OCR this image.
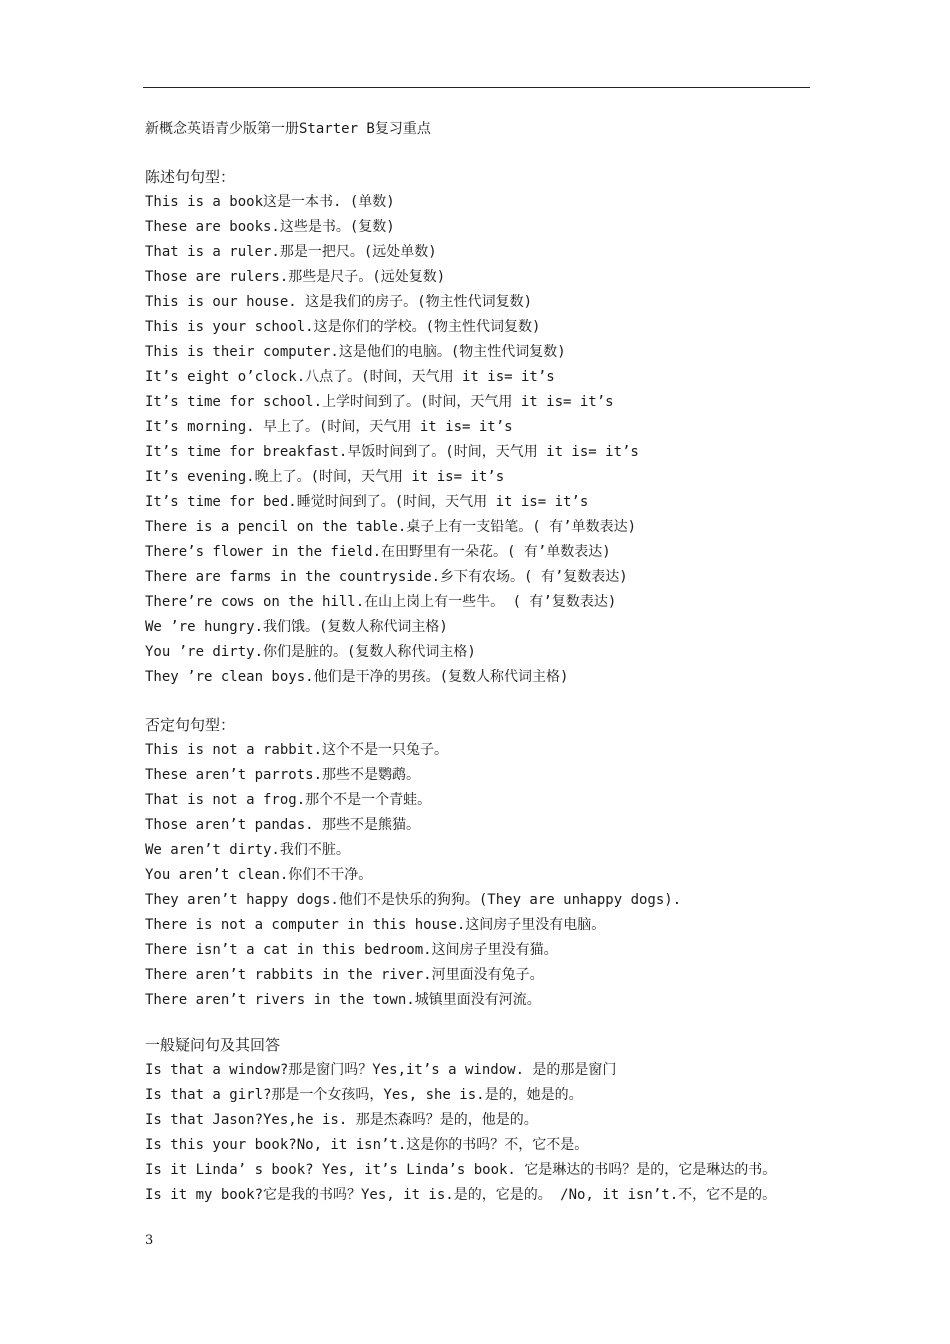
新概念英语青少版第一册Starter B复习重点
陈述句句型：
This is a book这是一本书. (单数)
These are books.这些是书。(复数)
That is a ruler.那是一把尺。(远处单数)
Those are rulers.那些是尺子。(远处复数)
This is our house. 这是我们的房子。(物主性代词复数)
This is your school.这是你们的学校。(物主性代词复数)
This is their computer.这是他们的电脑。(物主性代词复数)
It’s eight o’clock.八点了。(时间，天气用 it is= it’s
It’s time for school.上学时间到了。(时间，天气用 it is= it’s
It’s morning. 早上了。(时间，天气用 it is= it’s
It’s time for breakfast.早饭时间到了。(时间，天气用 it is= it’s
It’s evening.晚上了。(时间，天气用 it is= it’s
It’s time for bed.睡觉时间到了。(时间，天气用 it is= it’s
There is a pencil on the table.桌子上有一支铅笔。( 有’单数表达)
There’s flower in the field.在田野里有一朵花。( 有’单数表达)
There are farms in the countryside.乡下有农场。( 有’复数表达)
There’re cows on the hill.在山上岗上有一些牛。 ( 有’复数表达)
We ’re hungry.我们饿。(复数人称代词主格)
You ’re dirty.你们是脏的。(复数人称代词主格)
They ’re clean boys.他们是干净的男孩。(复数人称代词主格)
否定句句型：
This is not a rabbit.这个不是一只兔子。
These aren’t parrots.那些不是鹦鹉。
That is not a frog.那个不是一个青蛙。
Those aren’t pandas. 那些不是熊猫。
We aren’t dirty.我们不脏。
You aren’t clean.你们不干净。
They aren’t happy dogs.他们不是快乐的狗狗。(They are unhappy dogs).
There is not a computer in this house.这间房子里没有电脑。
There isn’t a cat in this bedroom.这间房子里没有猫。
There aren’t rabbits in the river.河里面没有兔子。
There aren’t rivers in the town.城镇里面没有河流。
一般疑问句及其回答
Is that a window?那是窗门吗？Yes,it’s a window. 是的那是窗门
Is that a girl?那是一个女孩吗，Yes, she is.是的，她是的。
Is that Jason?Yes,he is. 那是杰森吗？是的，他是的。
Is this your book?No, it isn’t.这是你的书吗？不，它不是。
Is it Linda’ s book? Yes, it’s Linda’s book. 它是琳达的书吗？是的，它是琳达的书。
Is it my book?它是我的书吗？Yes, it is.是的，它是的。 /No, it isn’t.不，它不是的。
3
